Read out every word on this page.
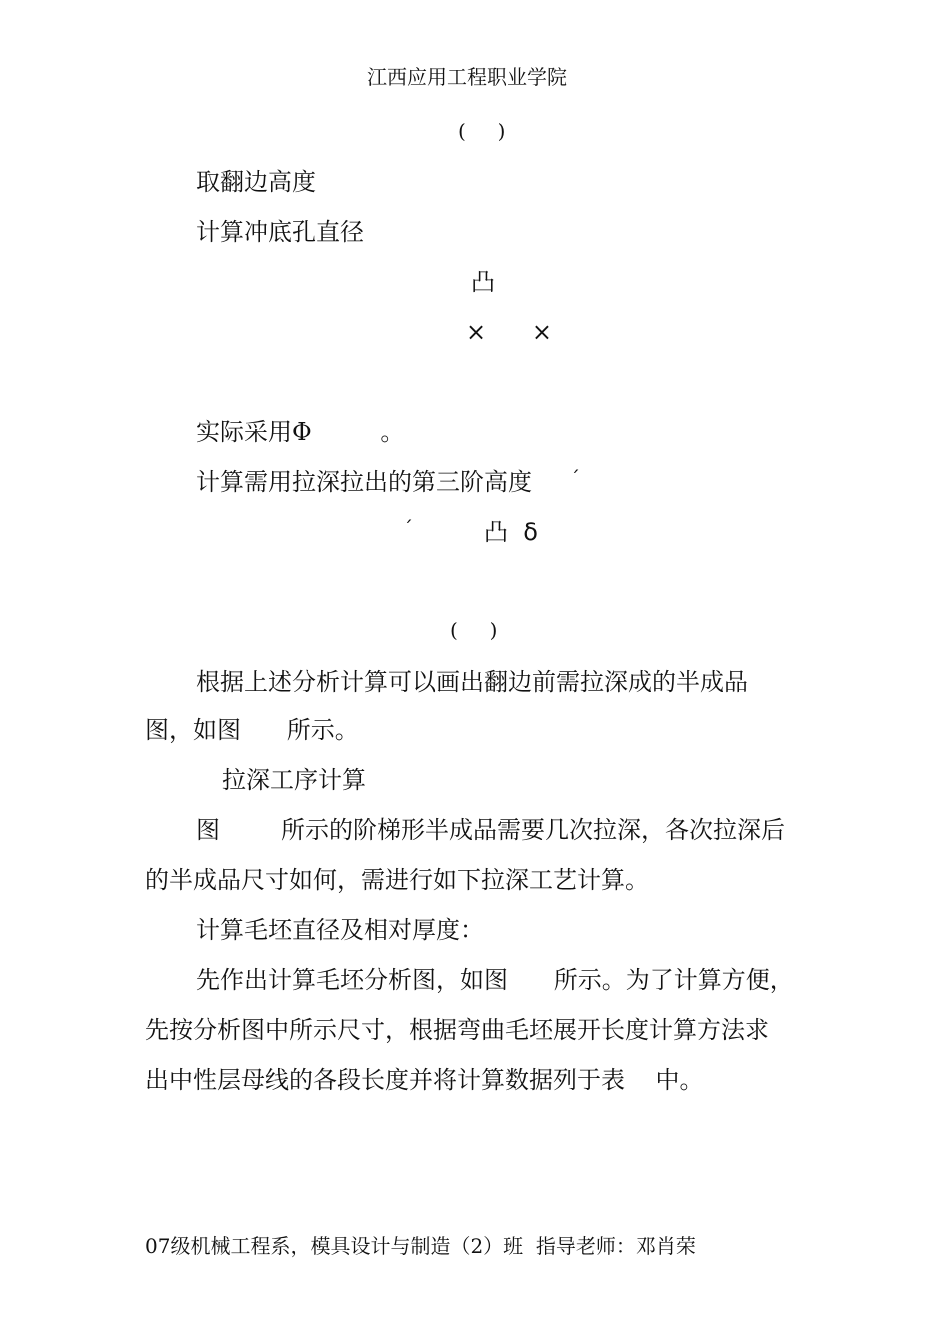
江西应用工程职业学院
(     )
取翻边高度
计算冲底孔直径
凸
×      ×
实际采用Φ         。
计算需用拉深拉出的第三阶高度 ´
´	凸  δ
(     )
根据上述分析计算可以画出翻边前需拉深成的半成品
图，如图      所示。
拉深工序计算
图        所示的阶梯形半成品需要几次拉深，各次拉深后
的半成品尺寸如何，需进行如下拉深工艺计算。
计算毛坯直径及相对厚度：
先作出计算毛坯分析图，如图      所示。为了计算方便，
先按分析图中所示尺寸，根据弯曲毛坯展开长度计算方法求
出中性层母线的各段长度并将计算数据列于表    中。
07级机械工程系，模具设计与制造（2）班  指导老师：邓肖荣
